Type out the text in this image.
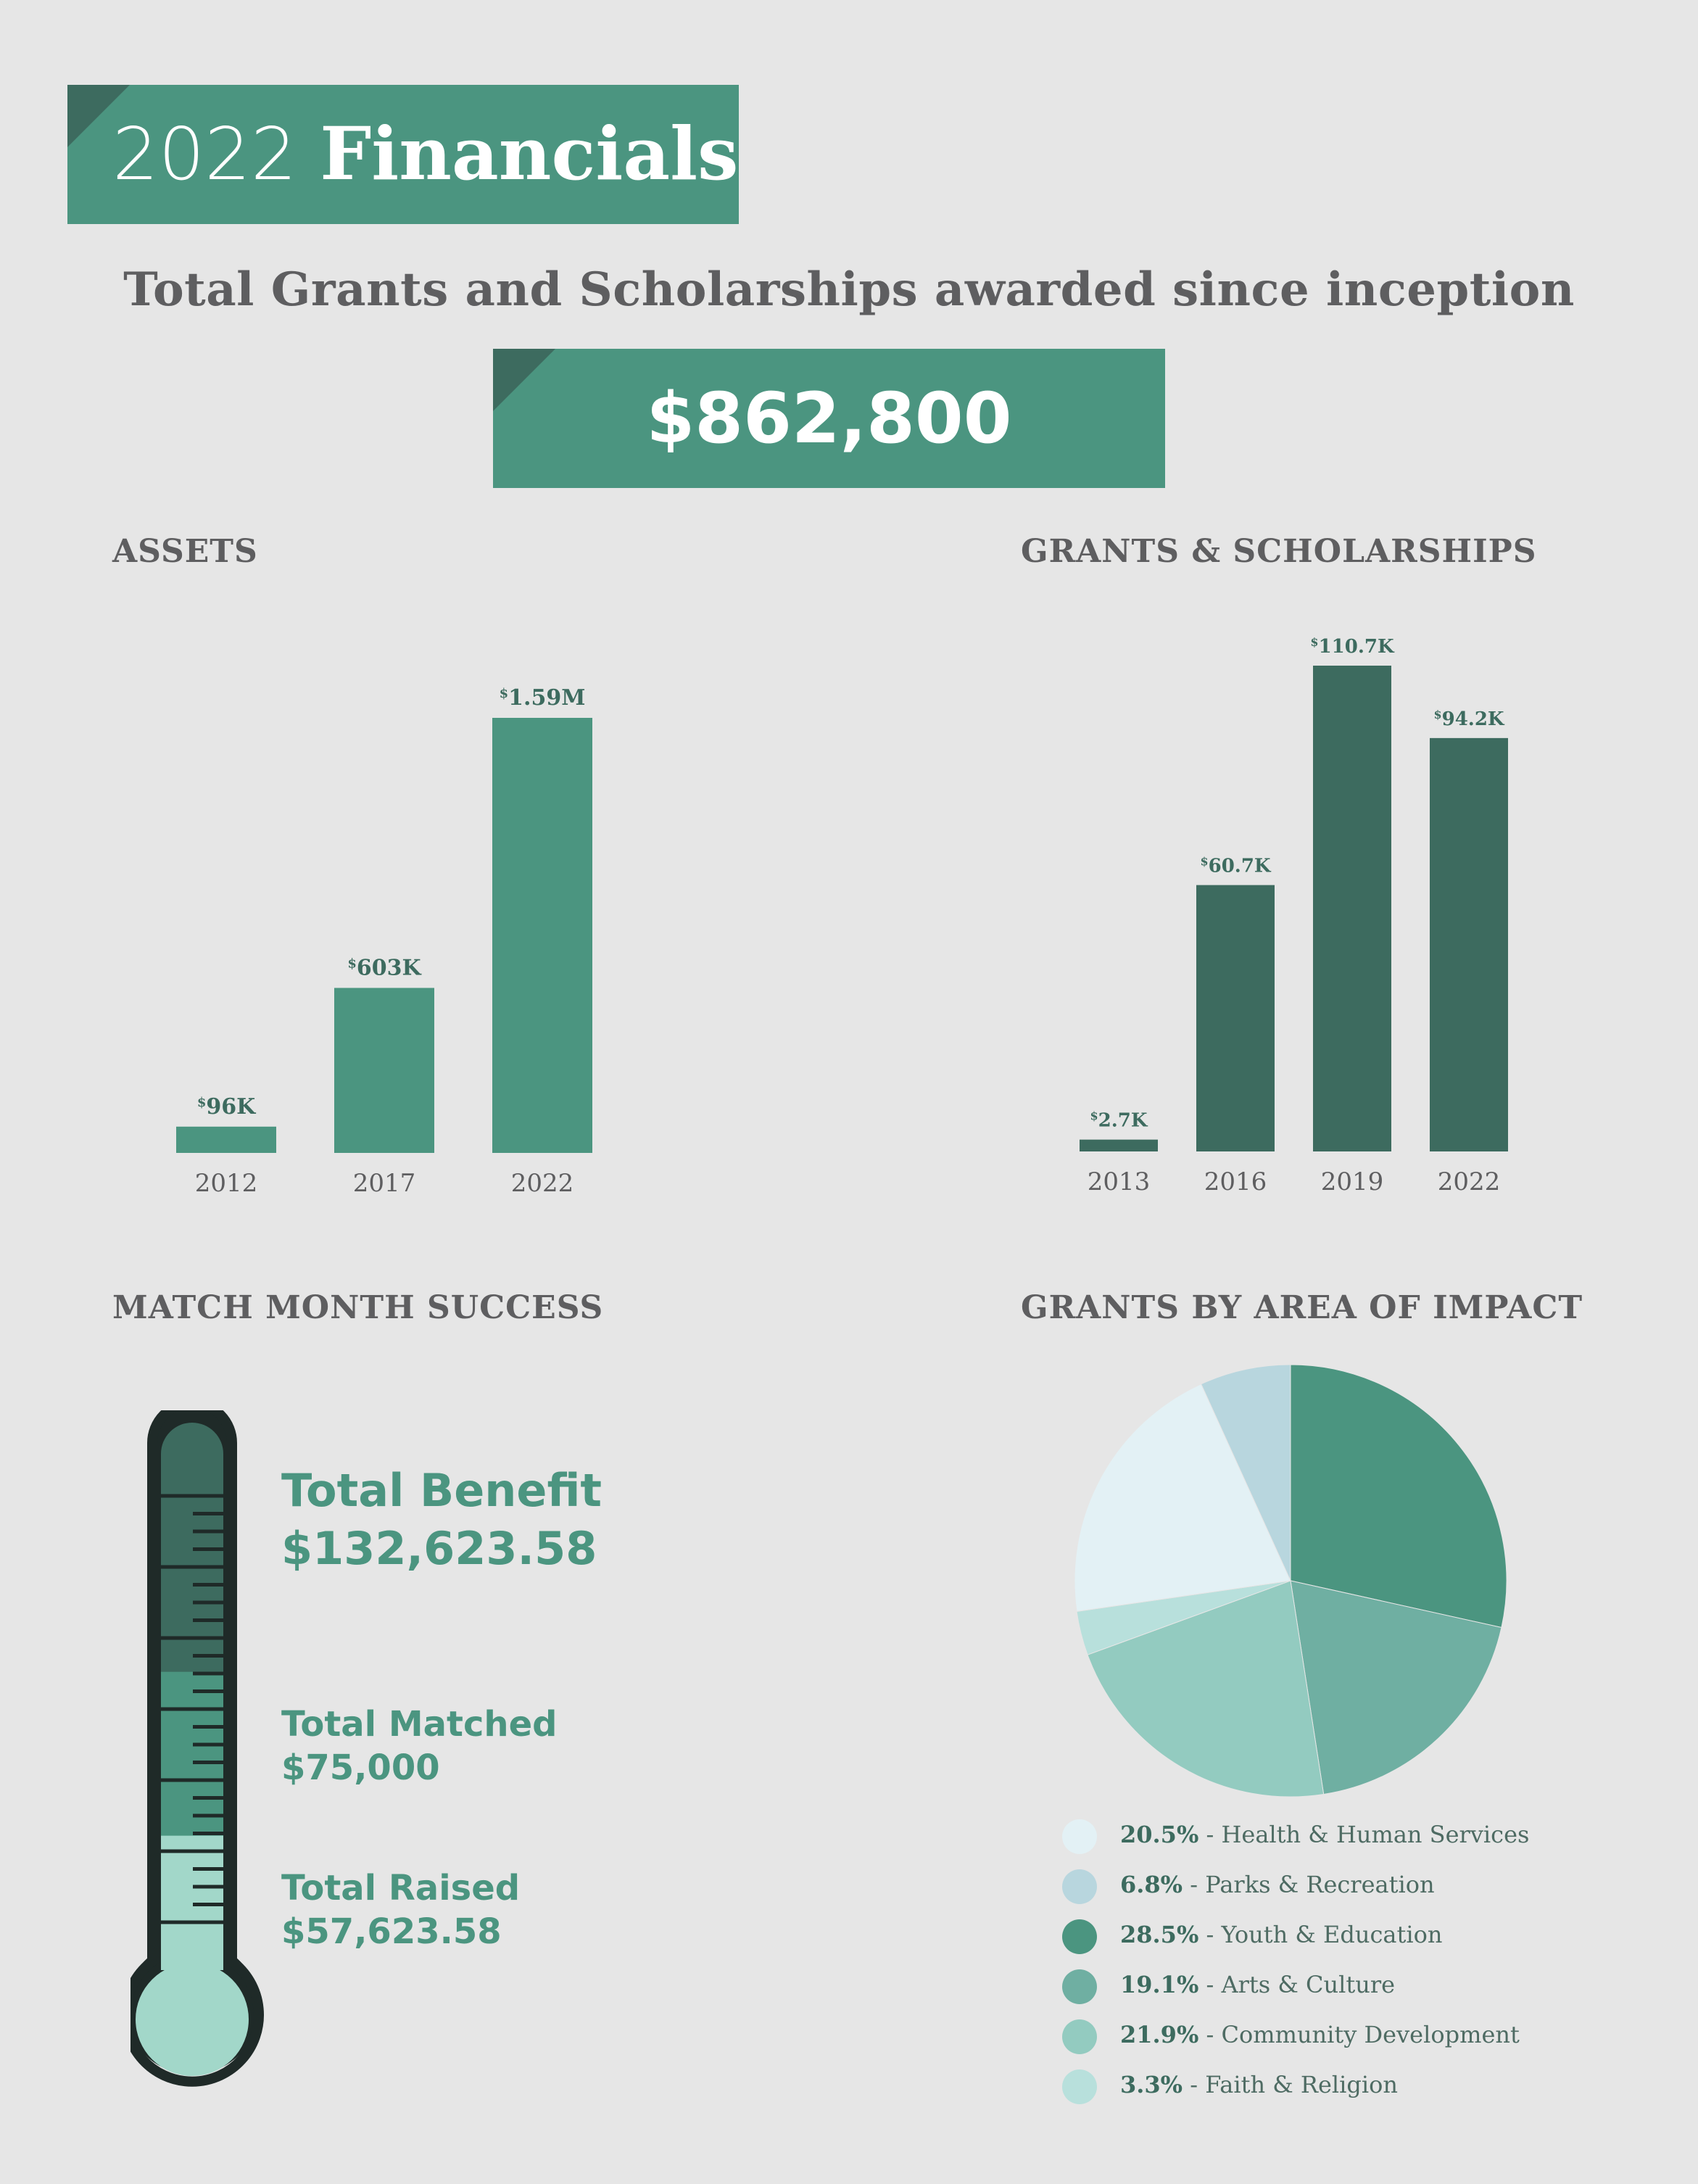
2022 Financials
Total Grants and Scholarships awarded since inception
$862,800
ASSETS	GRANTS & SCHOLARSHIPS
MATCH MONTH SUCCESS	GRANTS BY AREA OF IMPACT
$96K
2012
$603K
2017
$1.59M
2022
$2.7K
2013
$60.7K
2016
$110.7K
2019
$94.2K
2022
20.5% - Health & Human Services
6.8% - Parks & Recreation
28.5% - Youth & Education
19.1% - Arts & Culture
21.9% - Community Development
3.3% - Faith & Religion
Total Benefit
$132,623.58
Total Matched
$75,000
Total Raised
$57,623.58
